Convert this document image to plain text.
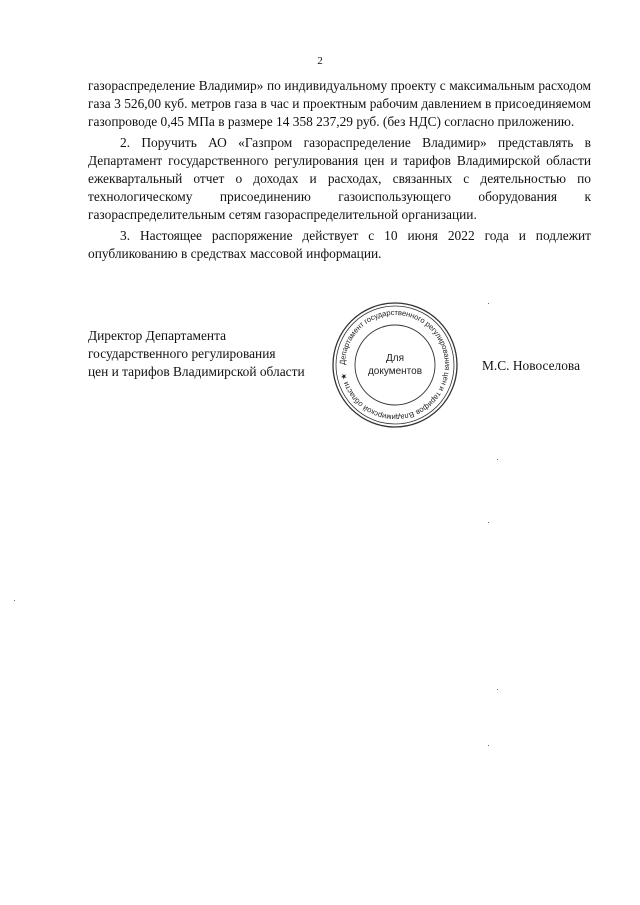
2

газораспределение Владимир» по индивидуальному проекту с максимальным расходом газа 3 526,00 куб. метров газа в час и проектным рабочим давлением в присоединяемом газопроводе 0,45 МПа в размере 14 358 237,29 руб. (без НДС) согласно приложению.

2. Поручить АО «Газпром газораспределение Владимир» представлять в Департамент государственного регулирования цен и тарифов Владимирской области ежеквартальный отчет о доходах и расходах, связанных с деятельностью по технологическому присоединению газоиспользующего оборудования к газораспределительным сетям газораспределительной организации.

3. Настоящее распоряжение действует с 10 июня 2022 года и подлежит опубликованию в средствах массовой информации.

Директор Департамента
государственного регулирования
цен и тарифов Владимирской области
Департамент государственного регулирования цен и тарифов Владимирской области ★
Для
документов	М.С. Новоселова
